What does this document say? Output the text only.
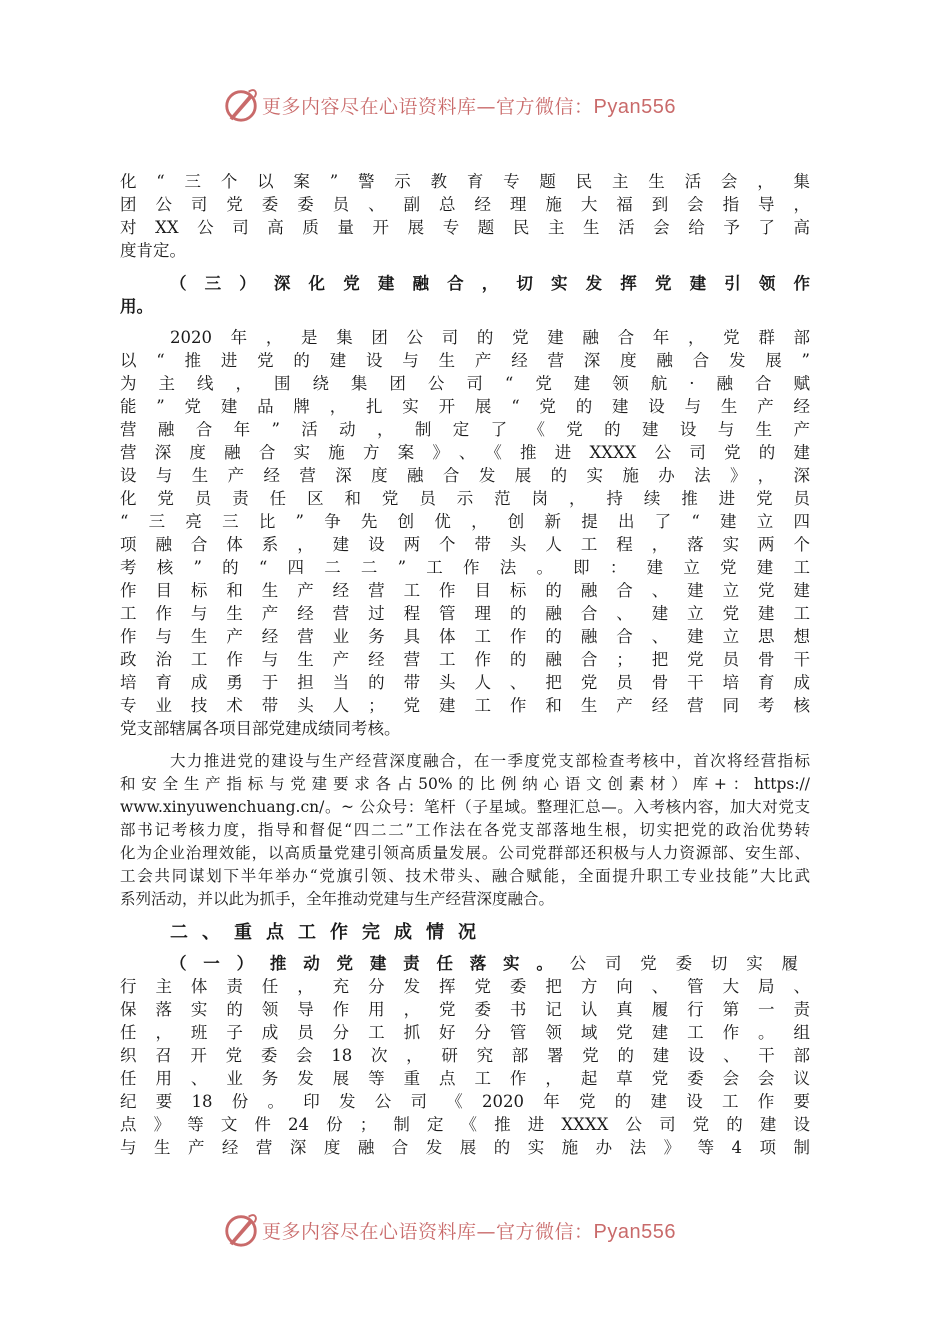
更多内容尽在心语资料库—官方微信：Pyan556
化“三个以案”警示教育专题民主生活会，集
团公司党委委员、副总经理施大福到会指导，
对XX公司高质量开展专题民主生活会给予了高
度肯定。
（三）深化党建融合，切实发挥党建引领作
用。
2020年，是集团公司的党建融合年，党群部
以“推进党的建设与生产经营深度融合发展”
为主线，围绕集团公司“党建领航·融合赋
能”党建品牌，扎实开展“党的建设与生产经
营融合年”活动，制定了《党的建设与生产
营深度融合实施方案》、《推进XXXX公司党的建
设与生产经营深度融合发展的实施办法》，深
化党员责任区和党员示范岗，持续推进党员
“三亮三比”争先创优，创新提出了“建立四
项融合体系，建设两个带头人工程，落实两个
考核”的“四二二”工作法。即：建立党建工
作目标和生产经营工作目标的融合、建立党建
工作与生产经营过程管理的融合、建立党建工
作与生产经营业务具体工作的融合、建立思想
政治工作与生产经营工作的融合；把党员骨干
培育成勇于担当的带头人、把党员骨干培育成
专业技术带头人；党建工作和生产经营同考核
党支部辖属各项目部党建成绩同考核。
大力推进党的建设与生产经营深度融合，在一季度党支部检查考核中，首次将经营指标
和安全生产指标与党建要求各占50%的比例纳心语文创素材）库+：https://
www.xinyuwenchuang.cn/。~ 公众号：笔杆（子星域。整理汇总—。入考核内容，加大对党支
部书记考核力度，指导和督促“四二二”工作法在各党支部落地生根，切实把党的政治优势转
化为企业治理效能，以高质量党建引领高质量发展。公司党群部还积极与人力资源部、安生部、
工会共同谋划下半年举办“党旗引领、技术带头、融合赋能，全面提升职工专业技能”大比武
系列活动，并以此为抓手，全年推动党建与生产经营深度融合。
二、重点工作完成情况
（一）推动党建责任落实。公司党委切实履
行主体责任，充分发挥党委把方向、管大局、
保落实的领导作用，党委书记认真履行第一责
任，班子成员分工抓好分管领域党建工作。组
织召开党委会18次，研究部署党的建设、干部
任用、业务发展等重点工作，起草党委会会议
纪要18份。印发公司《2020年党的建设工作要
点》等文件24份；制定《推进XXXX公司党的建设
与生产经营深度融合发展的实施办法》等4项制
更多内容尽在心语资料库—官方微信：Pyan556
